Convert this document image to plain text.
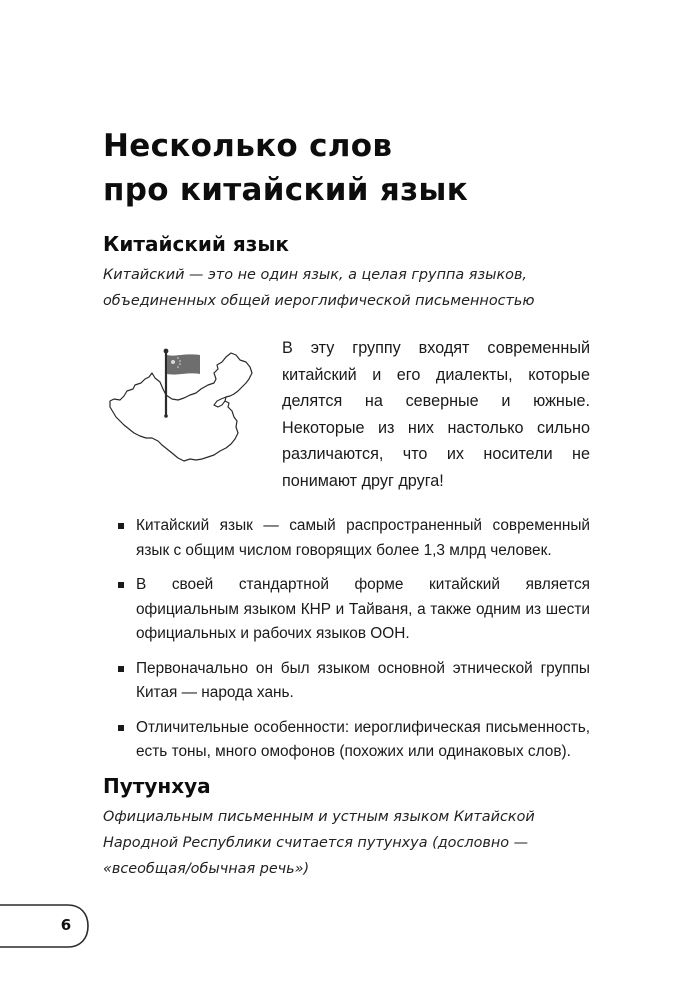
Несколько слов
про китайский язык
Китайский язык

Китайский — это не один язык, а целая группа языков,
объединенных общей иероглифической письменностью

В эту группу входят современный китайский и его диалекты, которые делятся на северные и южные. Некоторые из них настолько сильно различаются, что их носители не понимают друг друга!

Китайский язык — самый распространенный современный язык с общим числом говорящих более 1,3 млрд человек.
В своей стандартной форме китайский является официальным языком КНР и Тайваня, а также одним из шести официальных и рабочих языков ООН.
Первоначально он был языком основной этнической группы Китая — народа хань.
Отличительные особенности: иероглифическая письменность, есть тоны, много омофонов (похожих или одинаковых слов).
Путунхуа

Официальным письменным и устным языком Китайской Народной Республики считается путунхуа (дословно — «всеобщая/обычная речь»)

6
